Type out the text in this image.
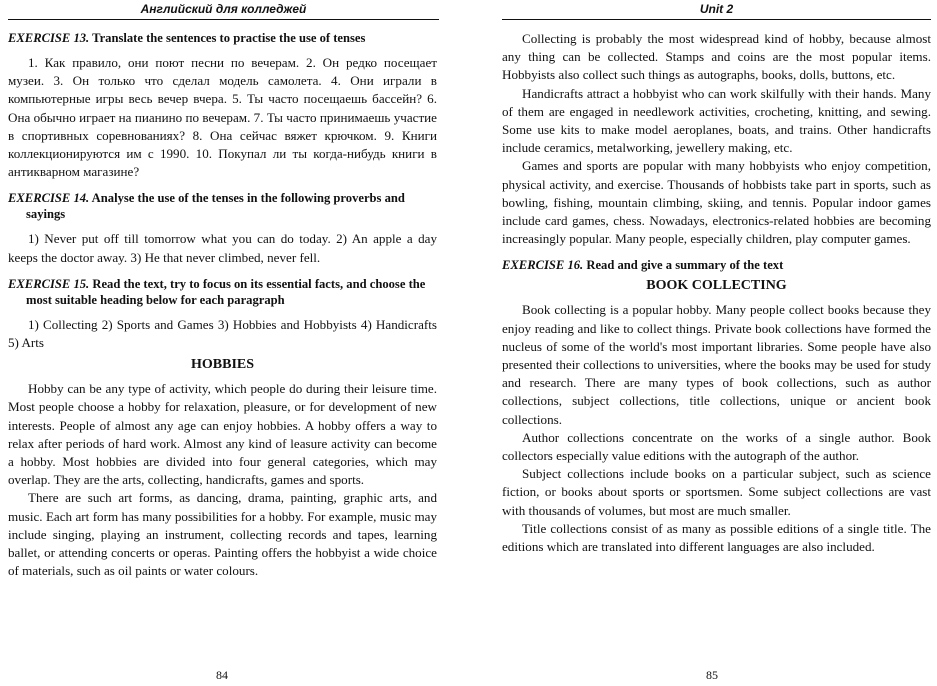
Английский для колледжей
EXERCISE 13. Translate the sentences to practise the use of tenses

1. Как правило, они поют песни по вечерам. 2. Он редко посещает музеи. 3. Он только что сделал модель самолета. 4. Они играли в компьютерные игры весь вечер вчера. 5. Ты часто посещаешь бассейн? 6. Она обычно играет на пианино по вечерам. 7. Ты часто принимаешь участие в спортивных соревнованиях? 8. Она сейчас вяжет крючком. 9. Книги коллекционируются им с 1990. 10. Покупал ли ты когда-нибудь книги в антикварном магазине?

EXERCISE 14. Analyse the use of the tenses in the following proverbs and sayings

1) Never put off till tomorrow what you can do today. 2) An apple a day keeps the doctor away. 3) He that never climbed, never fell.

EXERCISE 15. Read the text, try to focus on its essential facts, and choose the most suitable heading below for each paragraph

1) Collecting 2) Sports and Games 3) Hobbies and Hobbyists 4) Handicrafts 5) Arts

HOBBIES

Hobby can be any type of activity, which people do during their leisure time. Most people choose a hobby for relaxation, pleasure, or for development of new interests. People of almost any age can enjoy hobbies. A hobby offers a way to relax after periods of hard work. Almost any kind of leasure activity can become a hobby. Most hobbies are divided into four general categories, which may overlap. They are the arts, collecting, handicrafts, games and sports.

There are such art forms, as dancing, drama, painting, graphic arts, and music. Each art form has many possibilities for a hobby. For example, music may include singing, playing an instrument, collecting records and tapes, learning ballet, or attending concerts or operas. Painting offers the hobbyist a wide choice of materials, such as oil paints or water colours.

84
Unit 2

Collecting is probably the most widespread kind of hobby, because almost any thing can be collected. Stamps and coins are the most popular items. Hobbyists also collect such things as autographs, books, dolls, buttons, etc.

Handicrafts attract a hobbyist who can work skilfully with their hands. Many of them are engaged in needlework activities, crocheting, knitting, and sewing. Some use kits to make model aeroplanes, boats, and trains. Other handicrafts include ceramics, metalworking, jewellery making, etc.

Games and sports are popular with many hobbyists who enjoy competition, physical activity, and exercise. Thousands of hobbists take part in sports, such as bowling, fishing, mountain climbing, skiing, and tennis. Popular indoor games include card games, chess. Nowadays, electronics-related hobbies are becoming increasingly popular. Many people, especially children, play computer games.

EXERCISE 16. Read and give a summary of the text
BOOK COLLECTING

Book collecting is a popular hobby. Many people collect books because they enjoy reading and like to collect things. Private book collections have formed the nucleus of some of the world's most important libraries. Some people have also presented their collections to universities, where the books may be used for study and research. There are many types of book collections, such as author collections, subject collections, title collections, unique or ancient book collections.

Author collections concentrate on the works of a single author. Book collectors especially value editions with the autograph of the author.

Subject collections include books on a particular subject, such as science fiction, or books about sports or sportsmen. Some subject collections are vast with thousands of volumes, but most are much smaller.

Title collections consist of as many as possible editions of a single title. The editions which are translated into different languages are also included.

85
